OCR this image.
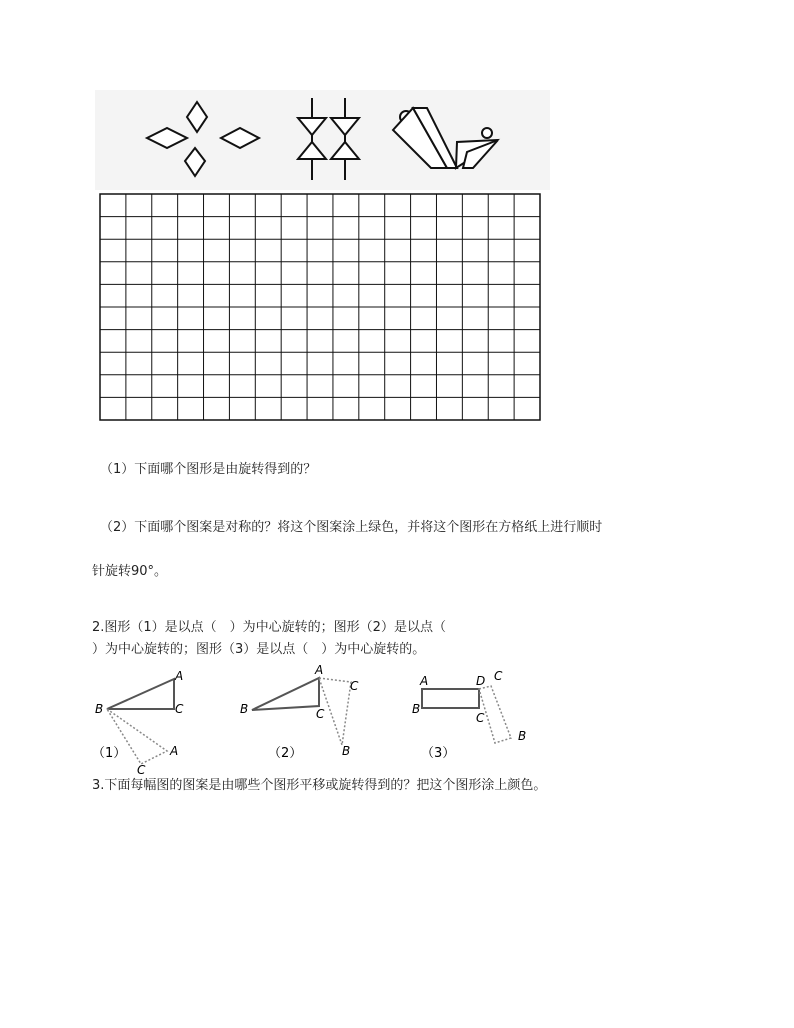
（1）下面哪个图形是由旋转得到的？
（2）下面哪个图案是对称的？将这个图案涂上绿色，并将这个图形在方格纸上进行顺时
针旋转90°。
2.图形（1）是以点（　）为中心旋转的；图形（2）是以点（
）为中心旋转的；图形（3）是以点（　）为中心旋转的。
A
B	C
A
C
（1）
A
B	C
C
B
（2）
A
B
D C
C
B
（3）
3.下面每幅图的图案是由哪些个图形平移或旋转得到的？把这个图形涂上颜色。
